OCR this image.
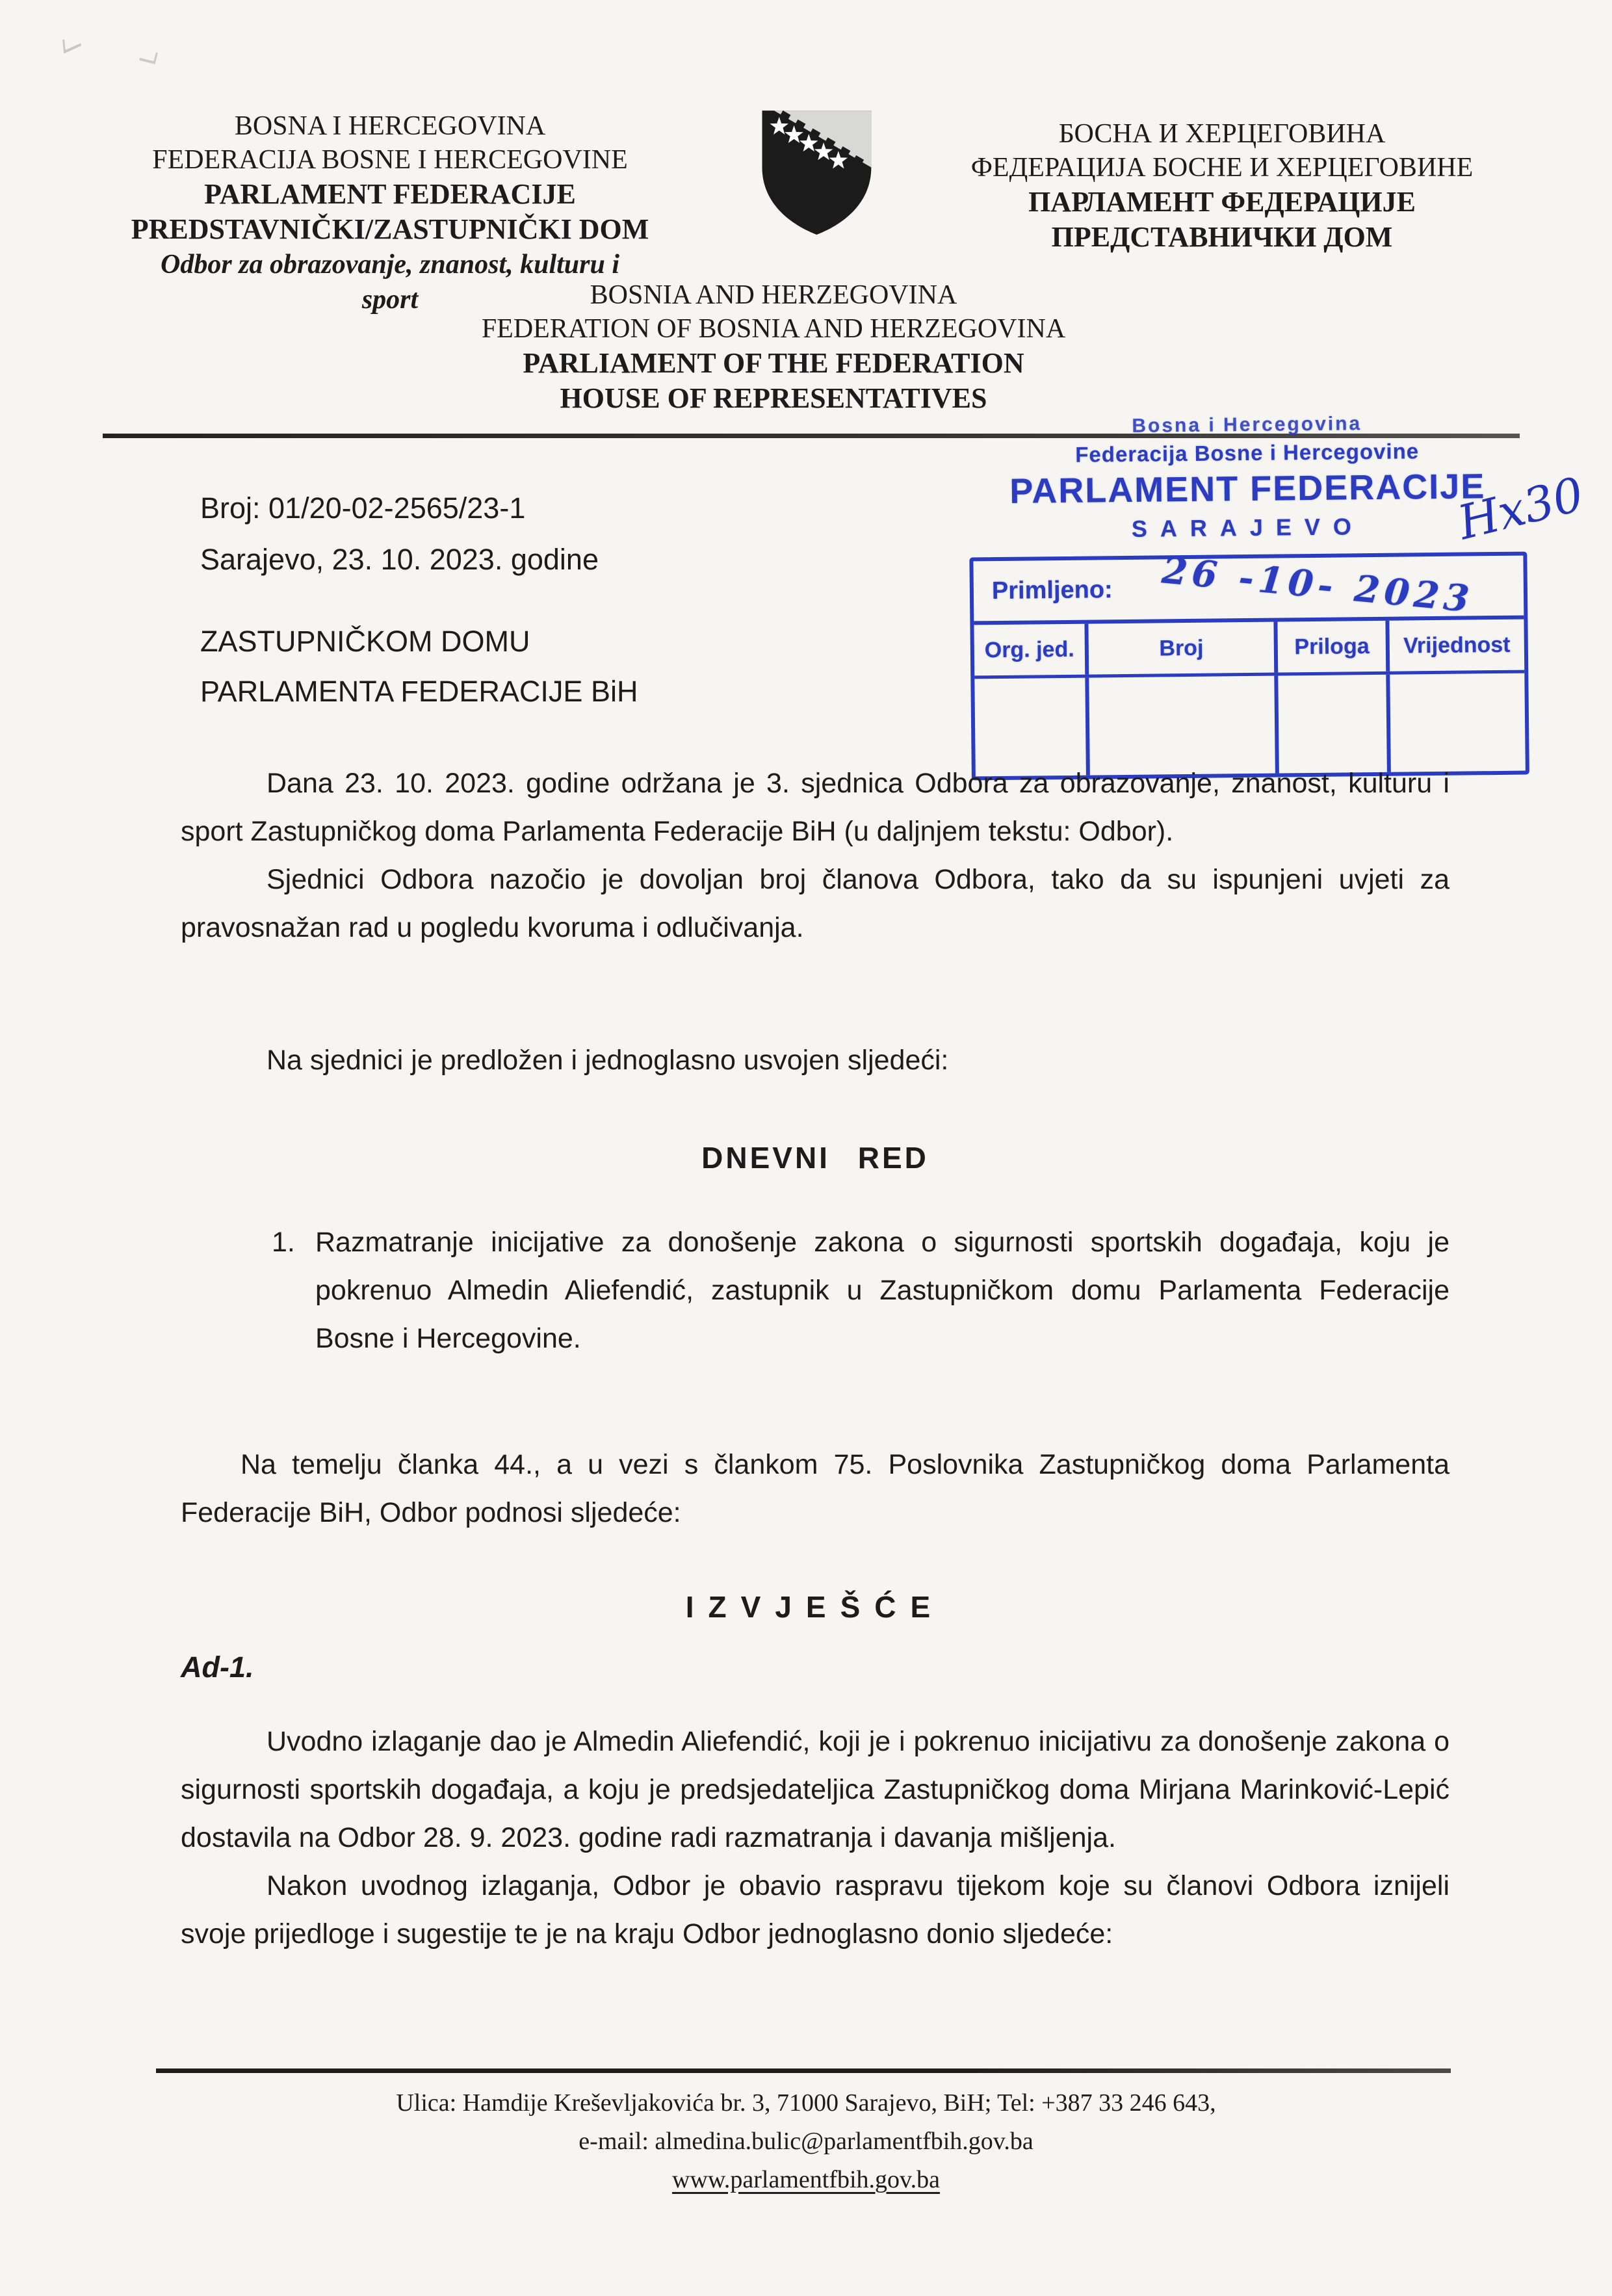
BOSNA I HERCEGOVINA
FEDERACIJA BOSNE I HERCEGOVINE
PARLAMENT FEDERACIJE
PREDSTAVNIČKI/ZASTUPNIČKI DOM
Odbor za obrazovanje, znanost, kulturu i sport
БОСНА И ХЕРЦЕГОВИНА
ФЕДЕРАЦИЈА БОСНЕ И ХЕРЦЕГОВИНЕ
ПАРЛАМЕНТ ФЕДЕРАЦИЈЕ
ПРЕДСТАВНИЧКИ ДОМ
BOSNIA AND HERZEGOVINA
FEDERATION OF BOSNIA AND HERZEGOVINA
PARLIAMENT OF THE FEDERATION
HOUSE OF REPRESENTATIVES
Bosna i Hercegovina
Federacija Bosne i Hercegovine
PARLAMENT FEDERACIJE
SARAJEVO
Primljeno:
Org. jed.	Broj	Priloga	Vrijednost
26 -10- 2023
Hx30
Broj: 01/20-02-2565/23-1
Sarajevo, 23. 10. 2023. godine
ZASTUPNIČKOM DOMU
PARLAMENTA FEDERACIJE BiH
Dana 23. 10. 2023. godine održana je 3. sjednica Odbora za obrazovanje, znanost, kulturu i sport Zastupničkog doma Parlamenta Federacije BiH (u daljnjem tekstu: Odbor).
Sjednici Odbora nazočio je dovoljan broj članova Odbora, tako da su ispunjeni uvjeti za pravosnažan rad u pogledu kvoruma i odlučivanja.
Na sjednici je predložen i jednoglasno usvojen sljedeći:
DNEVNI RED
1. Razmatranje inicijative za donošenje zakona o sigurnosti sportskih događaja, koju je pokrenuo Almedin Aliefendić, zastupnik u Zastupničkom domu Parlamenta Federacije Bosne i Hercegovine.
Na temelju članka 44., a u vezi s člankom 75. Poslovnika Zastupničkog doma Parlamenta Federacije BiH, Odbor podnosi sljedeće:
IZVJEŠĆE
Ad-1.
Uvodno izlaganje dao je Almedin Aliefendić, koji je i pokrenuo inicijativu za donošenje zakona o sigurnosti sportskih događaja, a koju je predsjedateljica Zastupničkog doma Mirjana Marinković-Lepić dostavila na Odbor 28. 9. 2023. godine radi razmatranja i davanja mišljenja.
Nakon uvodnog izlaganja, Odbor je obavio raspravu tijekom koje su članovi Odbora iznijeli svoje prijedloge i sugestije te je na kraju Odbor jednoglasno donio sljedeće:
Ulica: Hamdije Kreševljakovića br. 3, 71000 Sarajevo, BiH; Tel: +387 33 246 643,
e-mail: almedina.bulic@parlamentfbih.gov.ba
www.parlamentfbih.gov.ba
